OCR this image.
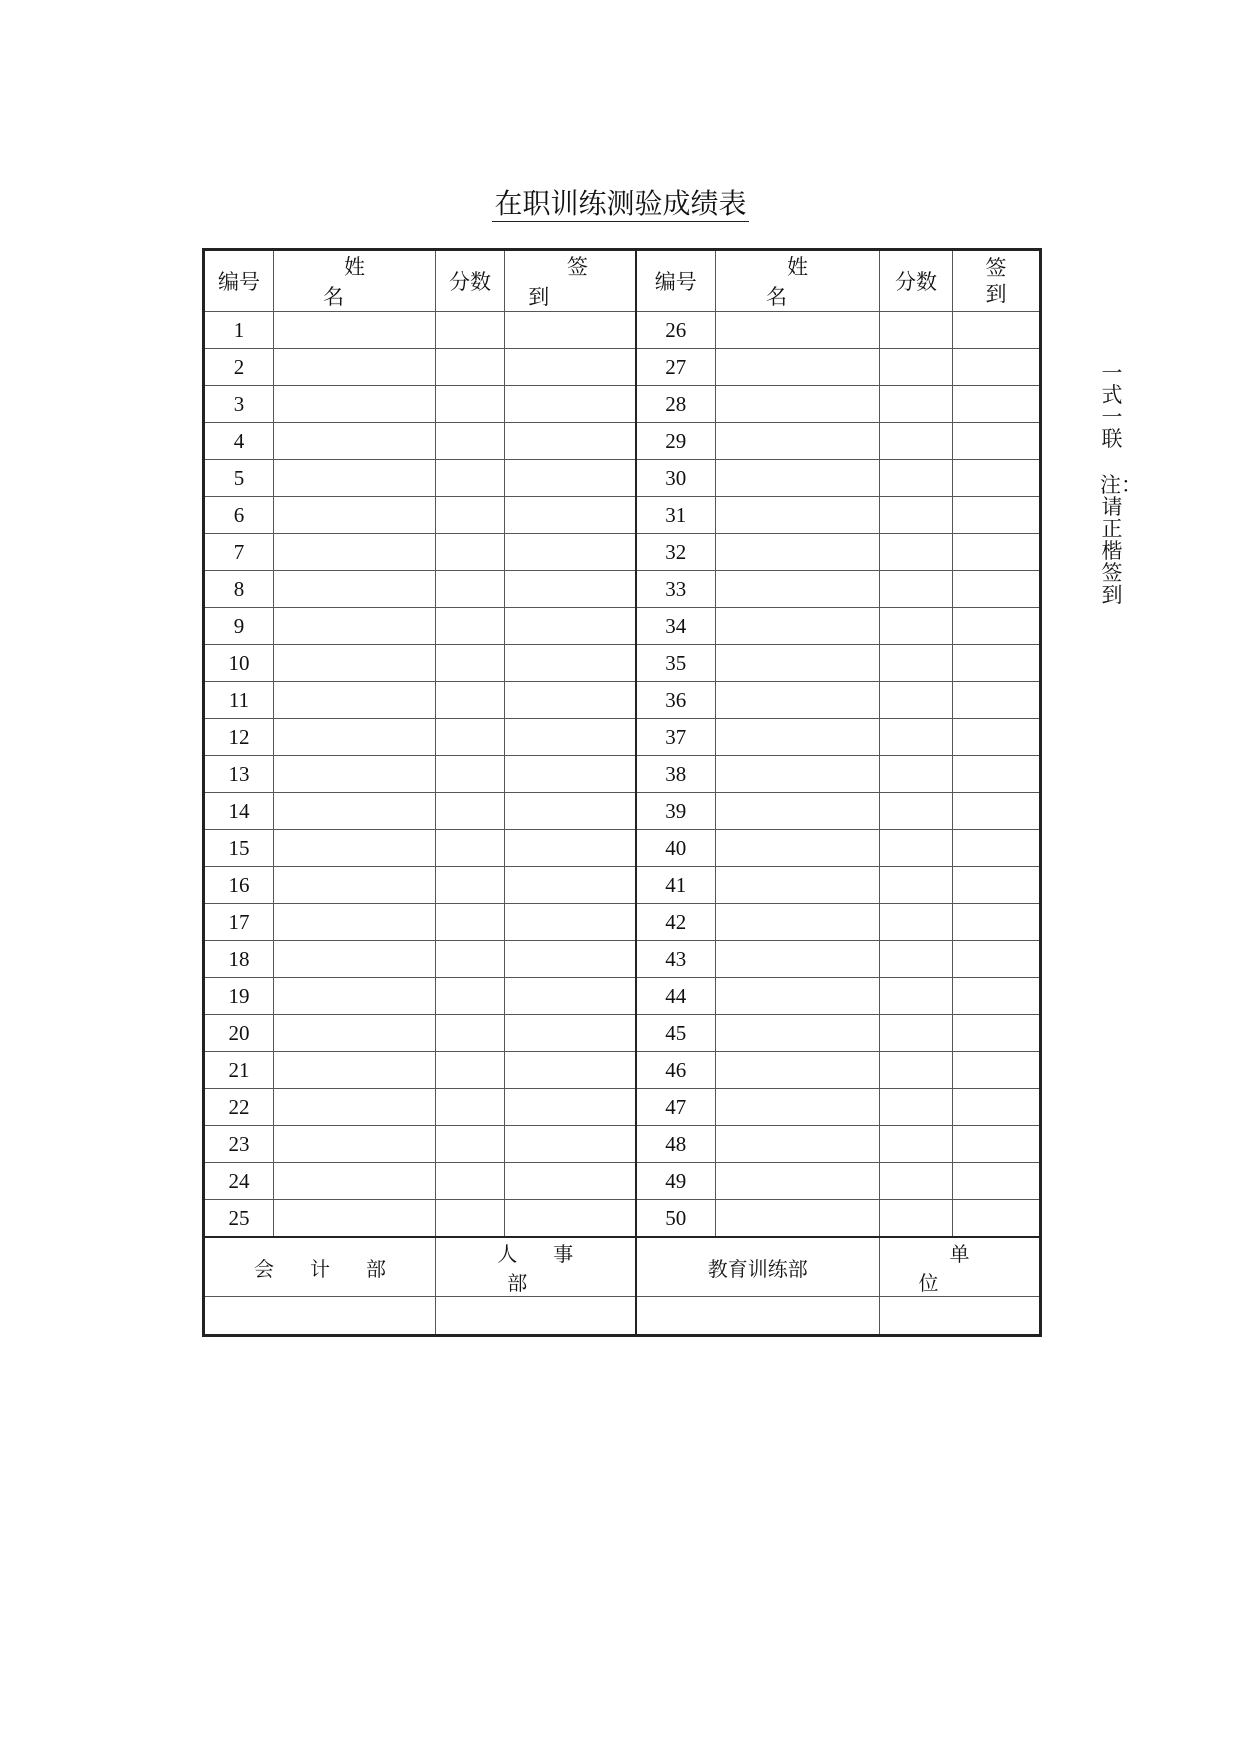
在职训练测验成绩表
编号	姓名	分数	签到	编号	姓名	分数	签到
1				26			
2				27			
3				28			
4				29			
5				30			
6				31			
7				32			
8				33			
9				34			
10				35			
11				36			
12				37			
13				38			
14				39			
15				40			
16				41			
17				42			
18				43			
19				44			
20				45			
21				46			
22				47			
23				48			
24				49			
25				50			
会计部		人事部		教育训练部		单位	

一式一联
注：请正楷签到
